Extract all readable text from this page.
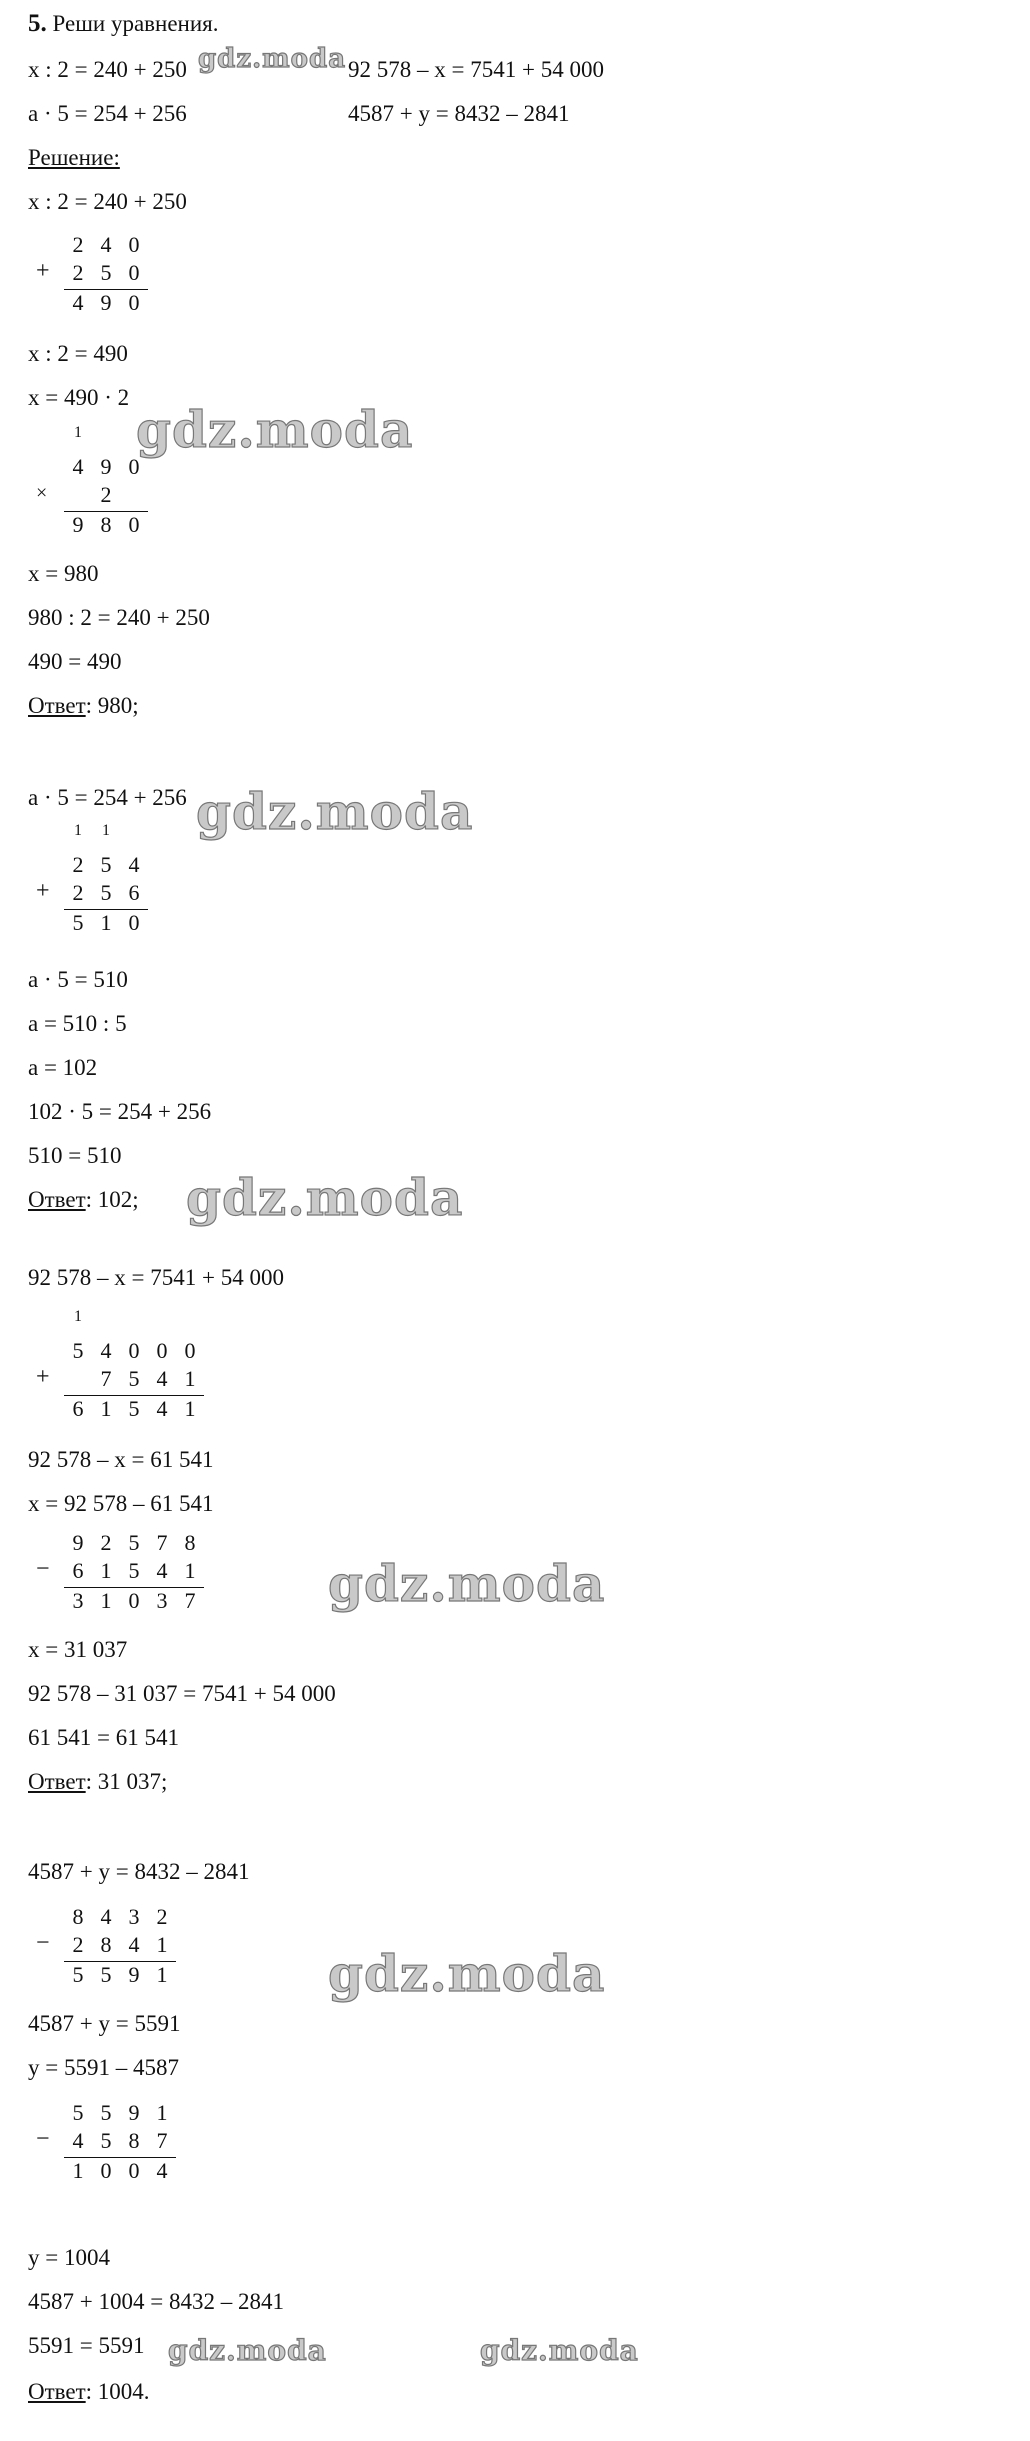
5. Реши уравнения.
x : 2 = 240 + 250	92 578 – x = 7541 + 54 000
a · 5 = 254 + 256	4587 + y = 8432 – 2841
Решение:
x : 2 = 240 + 250
2 4 0
+	2 5 0
4 9 0
x : 2 = 490
x = 490 · 2
1
4 9 0
×	2
9 8 0
x = 980
980 : 2 = 240 + 250
490 = 490
Ответ: 980;
a · 5 = 254 + 256
1	1
2 5 4
+	2 5 6
5 1 0
a · 5 = 510
a = 510 : 5
a = 102
102 · 5 = 254 + 256
510 = 510
Ответ: 102;
92 578 – x = 7541 + 54 000
1
5 4 0 0 0
+	7 5 4 1
6 1 5 4 1
92 578 – x = 61 541
x = 92 578 – 61 541
9 2 5 7 8
−	6 1 5 4 1
3 1 0 3 7
x = 31 037
92 578 – 31 037 = 7541 + 54 000
61 541 = 61 541
Ответ: 31 037;
4587 + y = 8432 – 2841
8 4 3 2
−	2 8 4 1
5 5 9 1
4587 + y = 5591
y = 5591 – 4587
5 5 9 1
−	4 5 8 7
1 0 0 4
y = 1004
4587 + 1004 = 8432 – 2841
5591 = 5591
Ответ: 1004.
gdz.moda
gdz.moda
gdz.moda
gdz.moda
gdz.moda
gdz.moda
gdz.moda	gdz.moda
